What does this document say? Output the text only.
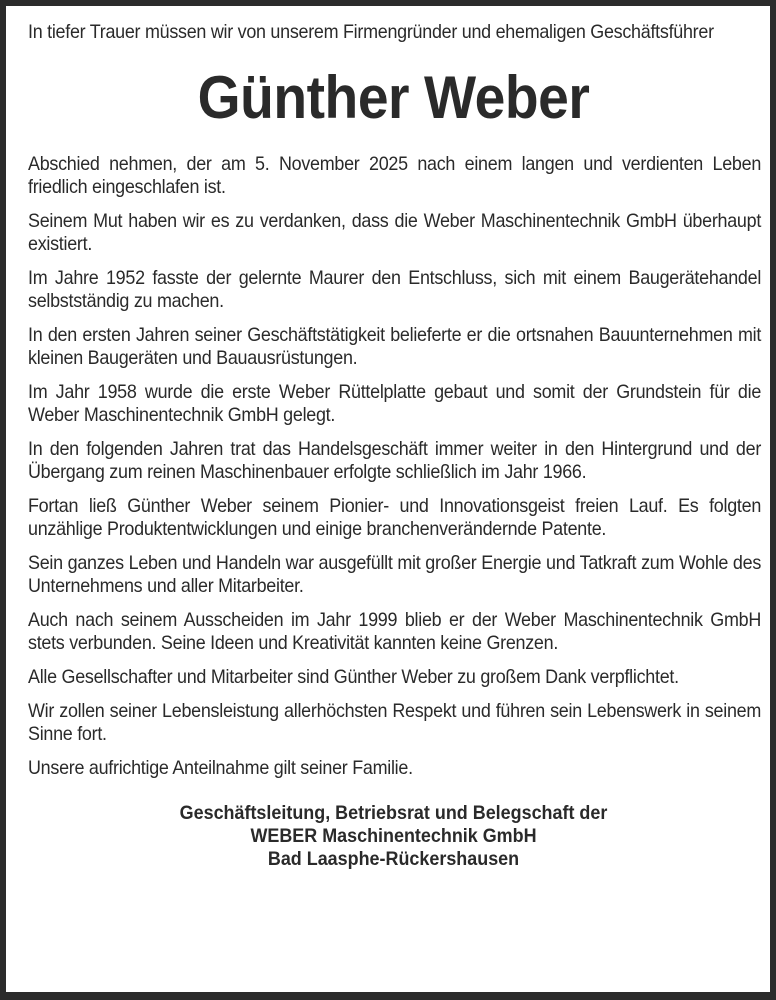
In tiefer Trauer müssen wir von unserem Firmengründer und ehemaligen Geschäftsführer

Günther Weber

Abschied nehmen, der am 5. November 2025 nach einem langen und verdienten Leben friedlich eingeschlafen ist.

Seinem Mut haben wir es zu verdanken, dass die Weber Maschinentechnik GmbH überhaupt existiert.

Im Jahre 1952 fasste der gelernte Maurer den Entschluss, sich mit einem Baugerätehandel selbstständig zu machen.

In den ersten Jahren seiner Geschäftstätigkeit belieferte er die ortsnahen Bauunternehmen mit kleinen Baugeräten und Bauausrüstungen.

Im Jahr 1958 wurde die erste Weber Rüttelplatte gebaut und somit der Grundstein für die Weber Maschinentechnik GmbH gelegt.

In den folgenden Jahren trat das Handelsgeschäft immer weiter in den Hintergrund und der Übergang zum reinen Maschinenbauer erfolgte schließlich im Jahr 1966.

Fortan ließ Günther Weber seinem Pionier- und Innovationsgeist freien Lauf. Es folgten unzählige Produktentwicklungen und einige branchenverändernde Patente.

Sein ganzes Leben und Handeln war ausgefüllt mit großer Energie und Tatkraft zum Wohle des Unternehmens und aller Mitarbeiter.

Auch nach seinem Ausscheiden im Jahr 1999 blieb er der Weber Maschinentechnik GmbH stets verbunden. Seine Ideen und Kreativität kannten keine Grenzen.

Alle Gesellschafter und Mitarbeiter sind Günther Weber zu großem Dank verpflichtet.

Wir zollen seiner Lebensleistung allerhöchsten Respekt und führen sein Lebenswerk in seinem Sinne fort.

Unsere aufrichtige Anteilnahme gilt seiner Familie.

Geschäftsleitung, Betriebsrat und Belegschaft der
WEBER Maschinentechnik GmbH
Bad Laasphe-Rückershausen
